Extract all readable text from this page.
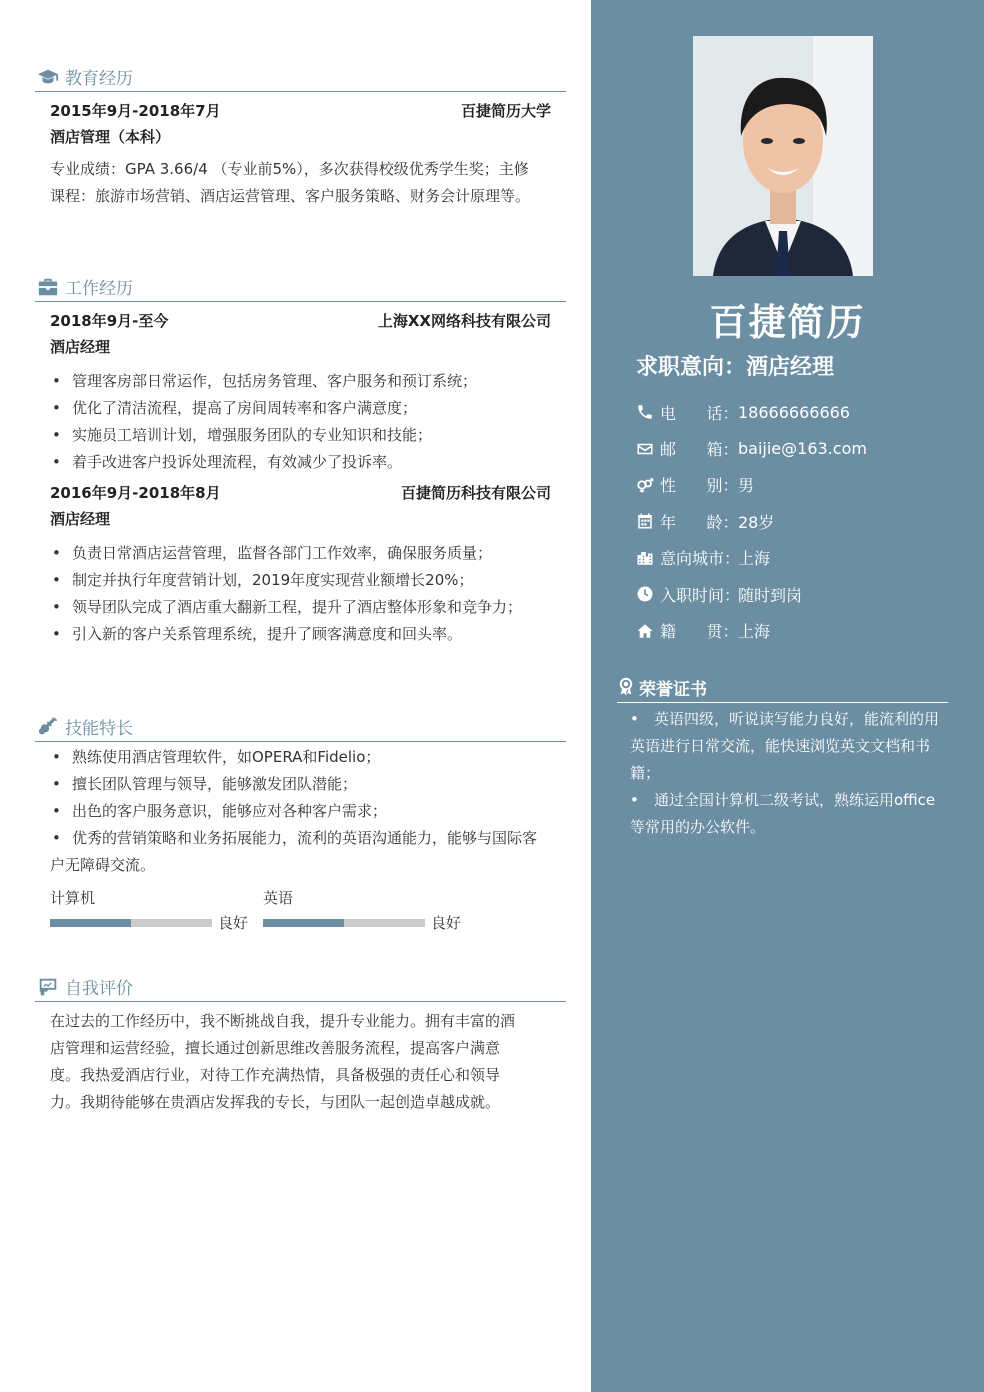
教育经历
2015年9月-2018年7月	百捷简历大学
酒店管理（本科）
专业成绩：GPA 3.66/4 （专业前5%），多次获得校级优秀学生奖；主修课程：旅游市场营销、酒店运营管理、客户服务策略、财务会计原理等。
工作经历
2018年9月-至今	上海XX网络科技有限公司
酒店经理
• 管理客房部日常运作，包括房务管理、客户服务和预订系统；
• 优化了清洁流程，提高了房间周转率和客户满意度；
• 实施员工培训计划，增强服务团队的专业知识和技能；
• 着手改进客户投诉处理流程，有效减少了投诉率。
2016年9月-2018年8月	百捷简历科技有限公司
酒店经理
• 负责日常酒店运营管理，监督各部门工作效率，确保服务质量；
• 制定并执行年度营销计划，2019年度实现营业额增长20%；
• 领导团队完成了酒店重大翻新工程，提升了酒店整体形象和竞争力；
• 引入新的客户关系管理系统，提升了顾客满意度和回头率。
技能特长
• 熟练使用酒店管理软件，如OPERA和Fidelio；
• 擅长团队管理与领导，能够激发团队潜能；
• 出色的客户服务意识，能够应对各种客户需求；
• 优秀的营销策略和业务拓展能力，流利的英语沟通能力，能够与国际客户无障碍交流。
计算机
良好
英语
良好
自我评价
在过去的工作经历中，我不断挑战自我，提升专业能力。拥有丰富的酒店管理和运营经验，擅长通过创新思维改善服务流程，提高客户满意度。我热爱酒店行业，对待工作充满热情，具备极强的责任心和领导力。我期待能够在贵酒店发挥我的专长，与团队一起创造卓越成就。
百捷简历
求职意向：酒店经理
电      话： 18666666666
邮      箱： baijie@163.com
性      别： 男
年      龄： 28岁
意向城市：
上海
入职时间：
随时到岗
籍      贯： 上海
荣誉证书
• 英语四级，听说读写能力良好，能流利的用英语进行日常交流，能快速浏览英文文档和书籍；
• 通过全国计算机二级考试，熟练运用office等常用的办公软件。
